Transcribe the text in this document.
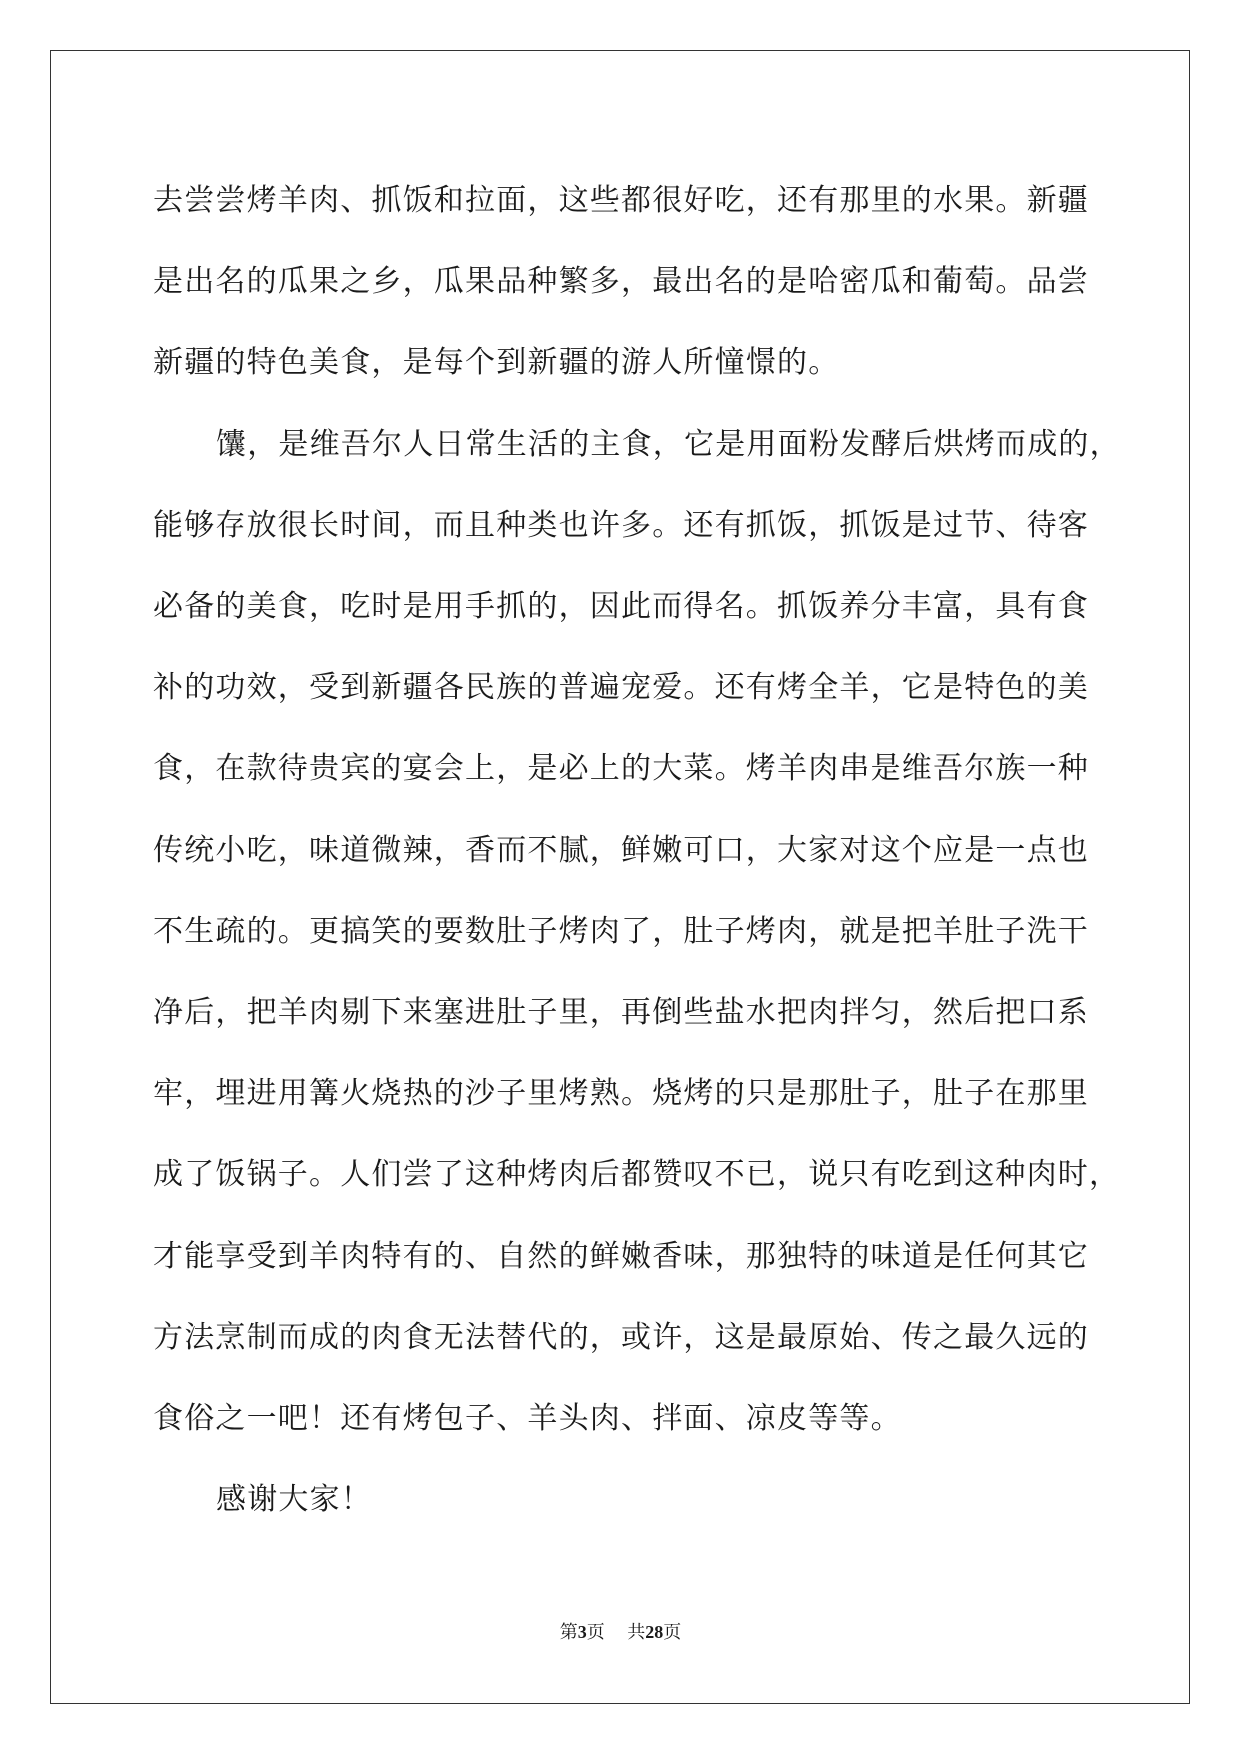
去尝尝烤羊肉、抓饭和拉面，这些都很好吃，还有那里的水果。新疆
是出名的瓜果之乡，瓜果品种繁多，最出名的是哈密瓜和葡萄。品尝
新疆的特色美食，是每个到新疆的游人所憧憬的。
馕，是维吾尔人日常生活的主食，它是用面粉发酵后烘烤而成的，
能够存放很长时间，而且种类也许多。还有抓饭，抓饭是过节、待客
必备的美食，吃时是用手抓的，因此而得名。抓饭养分丰富，具有食
补的功效，受到新疆各民族的普遍宠爱。还有烤全羊，它是特色的美
食，在款待贵宾的宴会上，是必上的大菜。烤羊肉串是维吾尔族一种
传统小吃，味道微辣，香而不腻，鲜嫩可口，大家对这个应是一点也
不生疏的。更搞笑的要数肚子烤肉了，肚子烤肉，就是把羊肚子洗干
净后，把羊肉剔下来塞进肚子里，再倒些盐水把肉拌匀，然后把口系
牢，埋进用篝火烧热的沙子里烤熟。烧烤的只是那肚子，肚子在那里
成了饭锅子。人们尝了这种烤肉后都赞叹不已，说只有吃到这种肉时，
才能享受到羊肉特有的、自然的鲜嫩香味，那独特的味道是任何其它
方法烹制而成的肉食无法替代的，或许，这是最原始、传之最久远的
食俗之一吧！还有烤包子、羊头肉、拌面、凉皮等等。
感谢大家！
第3页 共28页
